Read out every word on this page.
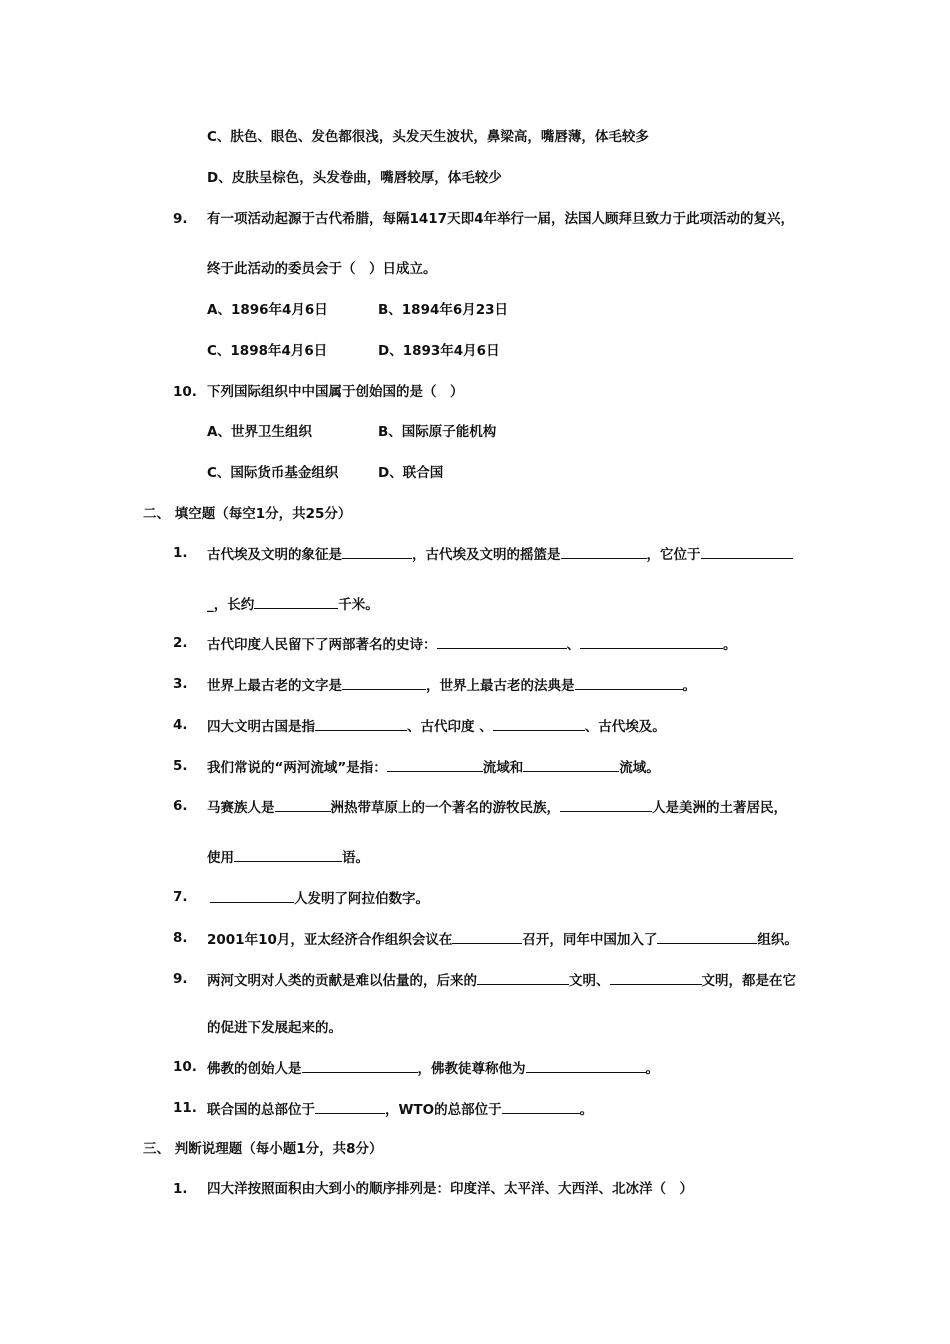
C、肤色、眼色、发色都很浅，头发天生波状，鼻梁高，嘴唇薄，体毛较多
D、皮肤呈棕色，头发卷曲，嘴唇较厚，体毛较少
9. 有一项活动起源于古代希腊，每隔1417天即4年举行一届，法国人顾拜旦致力于此项活动的复兴，
终于此活动的委员会于（　）日成立。
A、1896年4月6日	B、1894年6月23日
C、1898年4月6日	D、1893年4月6日
10. 下列国际组织中中国属于创始国的是（　）
A、世界卫生组织	B、国际原子能机构
C、国际货币基金组织	D、联合国
二、 填空题（每空1分，共25分）
1. 古代埃及文明的象征是	，古代埃及文明的摇篮是	，它位于
_，长约	千米。
2. 古代印度人民留下了两部著名的史诗：	、	。
3. 世界上最古老的文字是	，世界上最古老的法典是	。
4. 四大文明古国是指	、古代印度 、	、古代埃及。
5. 我们常说的“两河流域”是指：	流域和	流域。
6. 马赛族人是	洲热带草原上的一个著名的游牧民族，	人是美洲的土著居民，
使用	语。
7.	人发明了阿拉伯数字。
8. 2001年10月，亚太经济合作组织会议在	召开，同年中国加入了	组织。
9. 两河文明对人类的贡献是难以估量的，后来的	文明、	文明，都是在它
的促进下发展起来的。
10. 佛教的创始人是	，佛教徒尊称他为	。
11. 联合国的总部位于	，WTO的总部位于	。
三、 判断说理题（每小题1分，共8分）
1. 四大洋按照面积由大到小的顺序排列是：印度洋、太平洋、大西洋、北冰洋（　）
